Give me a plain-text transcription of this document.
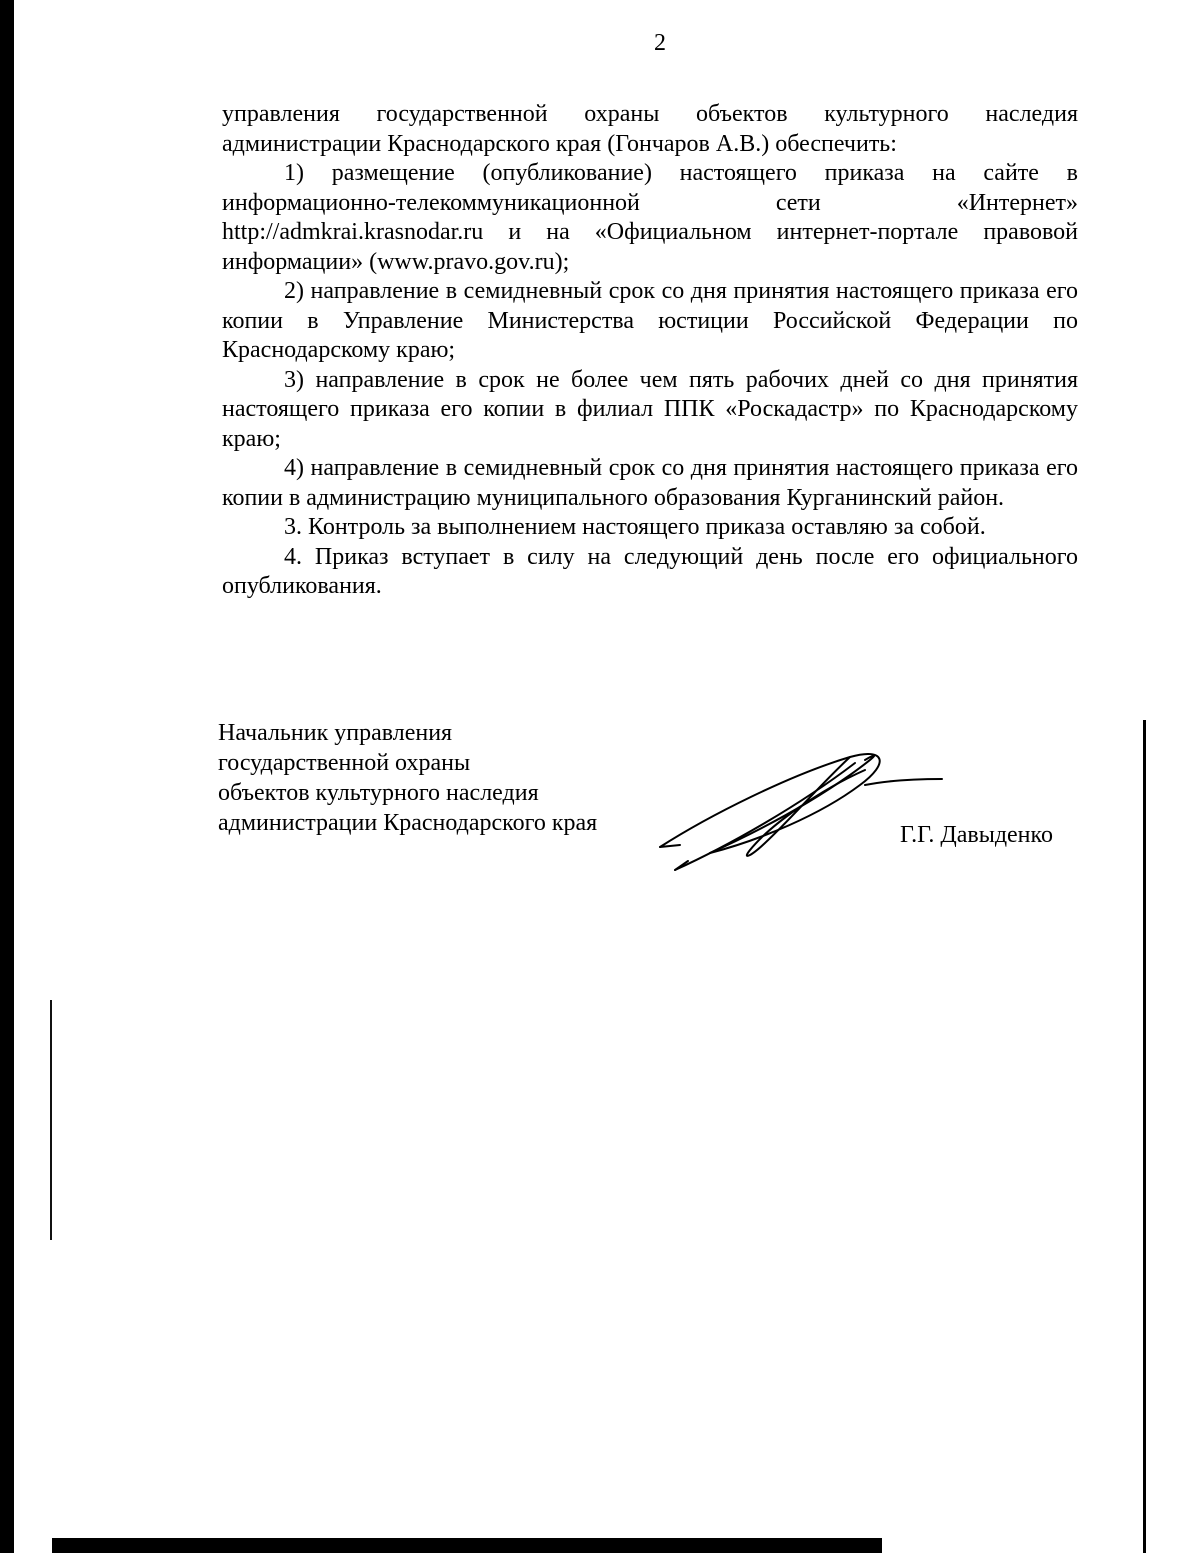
2

управления государственной охраны объектов культурного наследия администрации Краснодарского края (Гончаров А.В.) обеспечить:

1) размещение (опубликование) настоящего приказа на сайте в информационно-телекоммуникационной сети «Интернет» http://admkrai.krasnodar.ru и на «Официальном интернет-портале правовой информации» (www.pravo.gov.ru);

2) направление в семидневный срок со дня принятия настоящего приказа его копии в Управление Министерства юстиции Российской Федерации по Краснодарскому краю;

3) направление в срок не более чем пять рабочих дней со дня принятия настоящего приказа его копии в филиал ППК «Роскадастр» по Краснодарскому краю;

4) направление в семидневный срок со дня принятия настоящего приказа его копии в администрацию муниципального образования Курганинский район.

3. Контроль за выполнением настоящего приказа оставляю за собой.

4. Приказ вступает в силу на следующий день после его официального опубликования.

Начальник управления
государственной охраны
объектов культурного наследия
администрации Краснодарского края	Г.Г. Давыденко
